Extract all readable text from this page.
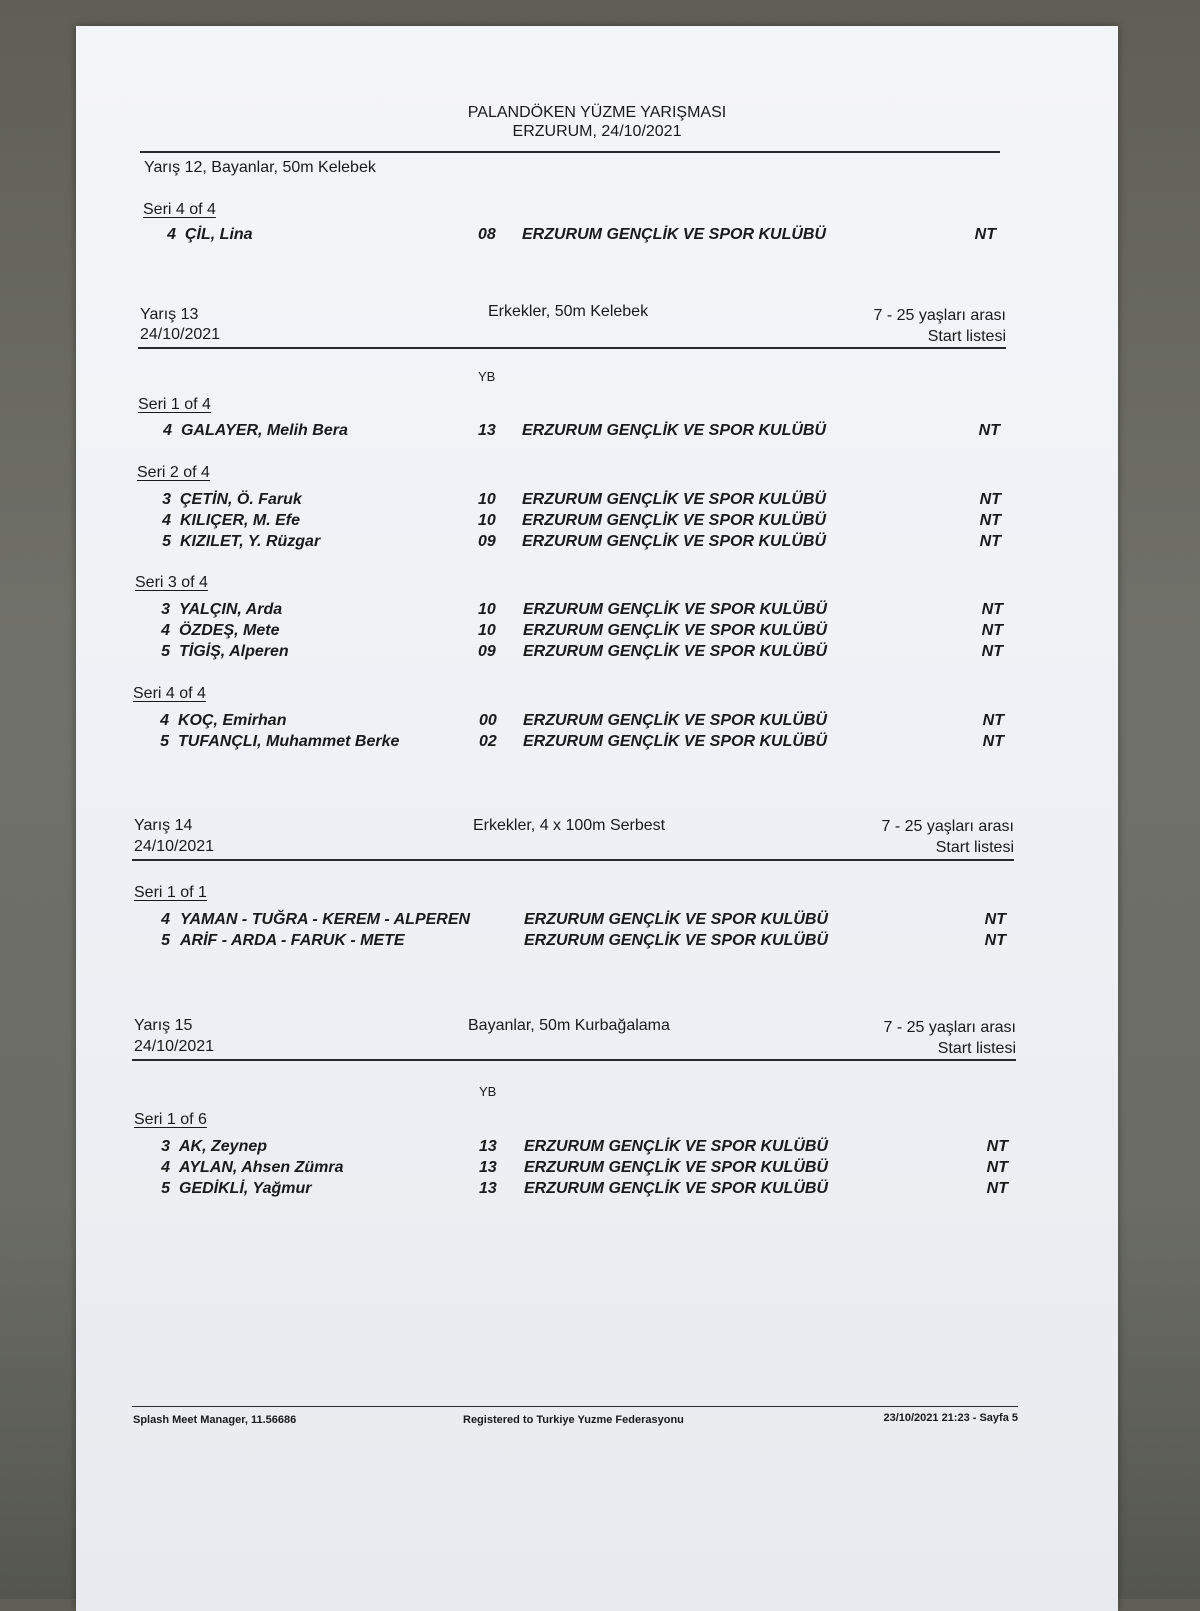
PALANDÖKEN YÜZME YARIŞMASI
ERZURUM, 24/10/2021
Yarış 12, Bayanlar, 50m Kelebek
Seri 4 of 4
4 ÇİL, Lina	08 ERZURUM GENÇLİK VE SPOR KULÜBÜ	NT
Yarış 13
24/10/2021
Erkekler, 50m Kelebek	7 - 25 yaşları arası
Start listesi
YB
Seri 1 of 4
4 GALAYER, Melih Bera	13 ERZURUM GENÇLİK VE SPOR KULÜBÜ	NT
Seri 2 of 4
3 ÇETİN, Ö. Faruk	10 ERZURUM GENÇLİK VE SPOR KULÜBÜ	NT
4 KILIÇER, M. Efe	10 ERZURUM GENÇLİK VE SPOR KULÜBÜ	NT
5 KIZILET, Y. Rüzgar	09 ERZURUM GENÇLİK VE SPOR KULÜBÜ	NT
Seri 3 of 4
3 YALÇIN, Arda	10 ERZURUM GENÇLİK VE SPOR KULÜBÜ	NT
4 ÖZDEŞ, Mete	10 ERZURUM GENÇLİK VE SPOR KULÜBÜ	NT
5 TİGİŞ, Alperen	09 ERZURUM GENÇLİK VE SPOR KULÜBÜ	NT
Seri 4 of 4
4 KOÇ, Emirhan	00 ERZURUM GENÇLİK VE SPOR KULÜBÜ	NT
5 TUFANÇLI, Muhammet Berke	02 ERZURUM GENÇLİK VE SPOR KULÜBÜ	NT
Yarış 14
24/10/2021
Erkekler, 4 x 100m Serbest	7 - 25 yaşları arası
Start listesi
Seri 1 of 1
4 YAMAN - TUĞRA - KEREM - ALPEREN	ERZURUM GENÇLİK VE SPOR KULÜBÜ	NT
5 ARİF - ARDA - FARUK - METE	ERZURUM GENÇLİK VE SPOR KULÜBÜ	NT
Yarış 15
24/10/2021
Bayanlar, 50m Kurbağalama	7 - 25 yaşları arası
Start listesi
YB
Seri 1 of 6
3 AK, Zeynep	13 ERZURUM GENÇLİK VE SPOR KULÜBÜ	NT
4 AYLAN, Ahsen Zümra	13 ERZURUM GENÇLİK VE SPOR KULÜBÜ	NT
5 GEDİKLİ, Yağmur	13 ERZURUM GENÇLİK VE SPOR KULÜBÜ	NT
Splash Meet Manager, 11.56686	Registered to Turkiye Yuzme Federasyonu	23/10/2021 21:23 - Sayfa 5
